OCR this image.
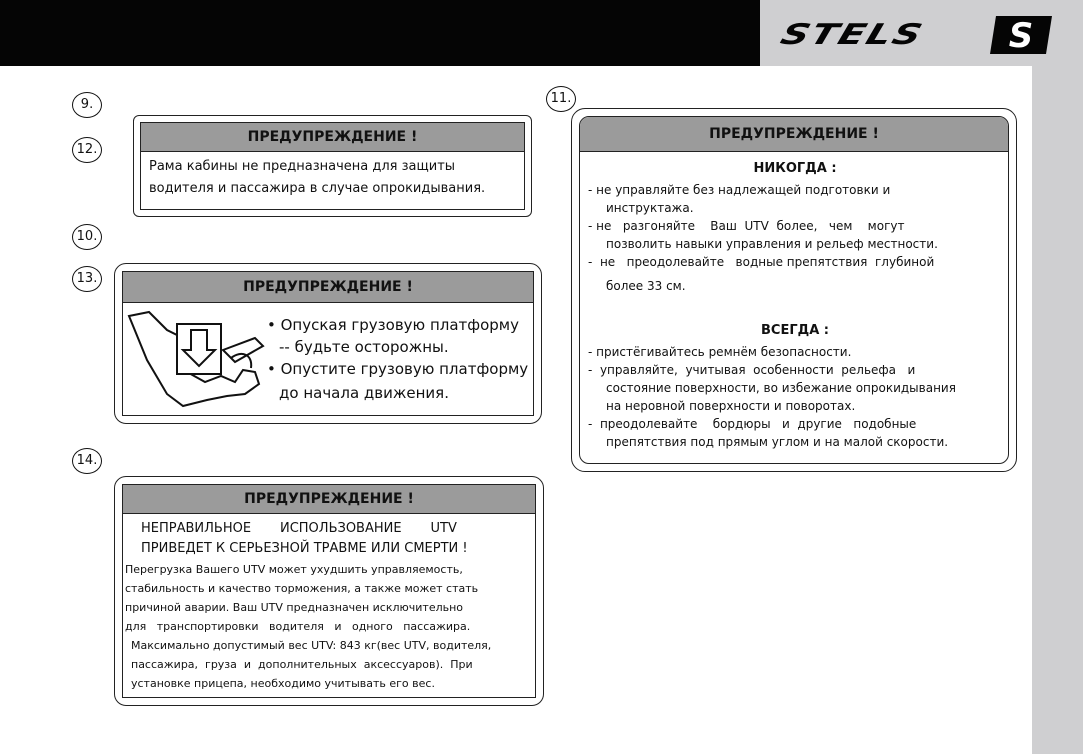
STELS	S
9.
12.
10.
13.
14.
11.
ПРЕДУПРЕЖДЕНИЕ !
Рама кабины не предназначена для защиты
водителя и пассажира в случае опрокидывания.
ПРЕДУПРЕЖДЕНИЕ !
• Опуская грузовую платформу
-- будьте осторожны.
• Опустите грузовую платформу
до начала движения.
ПРЕДУПРЕЖДЕНИЕ !
НЕПРАВИЛЬНОЕ       ИСПОЛЬЗОВАНИЕ       UTV
ПРИВЕДЕТ К СЕРЬЕЗНОЙ ТРАВМЕ ИЛИ СМЕРТИ !
Перегрузка Вашего UTV может ухудшить управляемость,
стабильность и качество торможения, а также может стать
причиной аварии. Ваш UTV предназначен исключительно
для   транспортировки   водителя   и   одного   пассажира.
Максимально допустимый вес UTV: 843 кг(вес UTV, водителя,
пассажира,  груза  и  дополнительных  аксессуаров).  При
установке прицепа, необходимо учитывать его вес.
ПРЕДУПРЕЖДЕНИЕ !
НИКОГДА :
- не управляйте без надлежащей подготовки и
инструктажа.
- не   разгоняйте    Ваш  UTV  более,   чем    могут
позволить навыки управления и рельеф местности.
-  не   преодолевайте   водные препятствия  глубиной
более 33 см.
ВСЕГДА :
- пристёгивайтесь ремнём безопасности.
-  управляйте,  учитывая  особенности  рельефа   и
состояние поверхности, во избежание опрокидывания
на неровной поверхности и поворотах.
-  преодолевайте    бордюры   и  другие   подобные
препятствия под прямым углом и на малой скорости.
